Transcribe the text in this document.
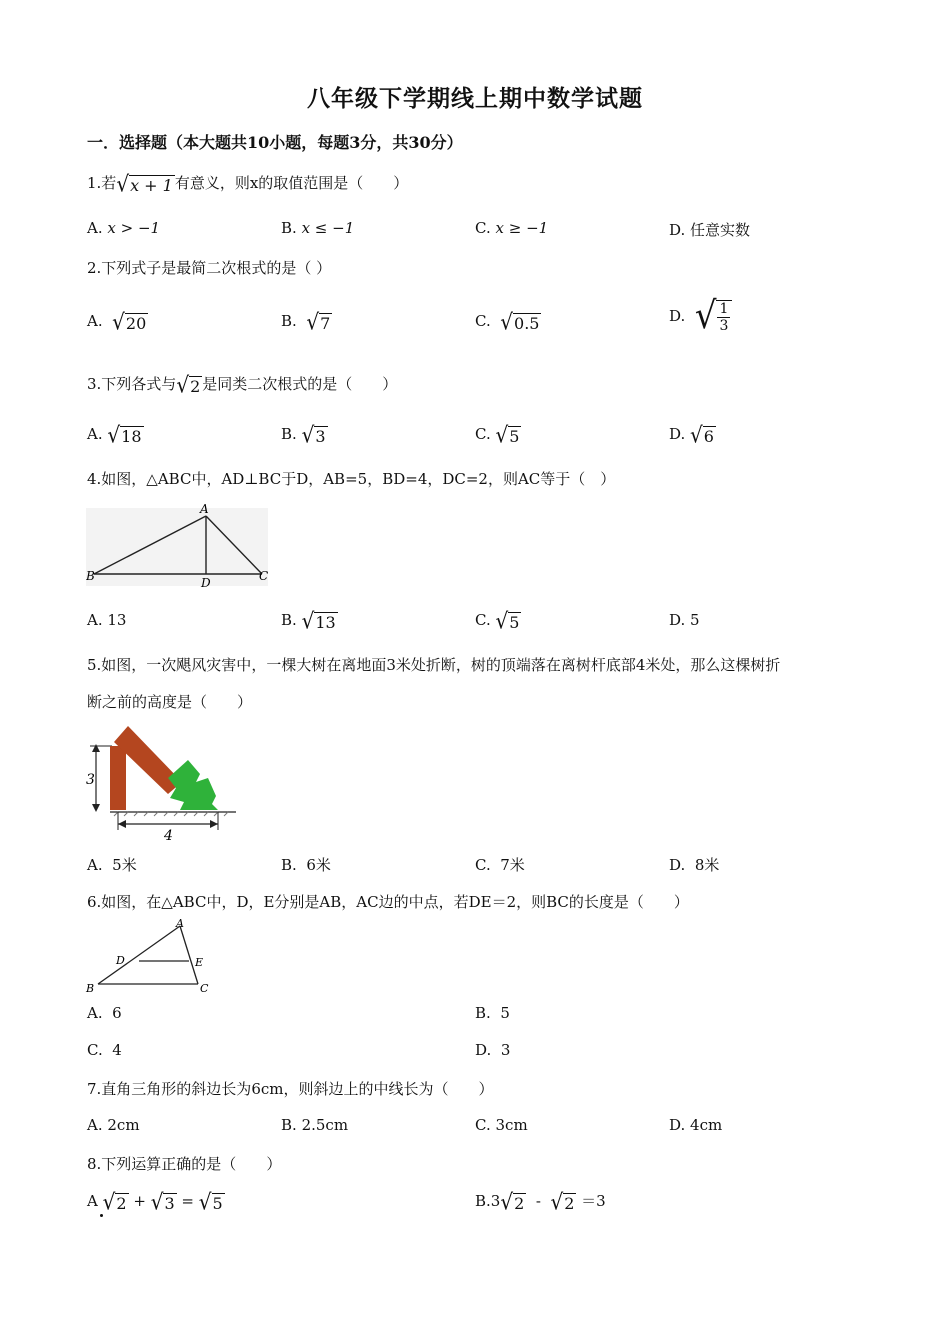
八年级下学期线上期中数学试题
一．选择题（本大题共10小题，每题3分，共30分）
1.若√x + 1 有意义，则x的取值范围是（　　）
A. x > −1	B. x ≤ −1	C. x ≥ −1	D. 任意实数
2.下列式子是最简二次根式的是（ ）
A. √20	B. √7	C. √0.5	D. √ $\frac{1}{3}$
3.下列各式与√2 是同类二次根式的是（　　）
A. √18	B. √3	C. √5	D. √6
4.如图，△ABC中，AD⊥BC于D，AB=5，BD=4，DC=2，则AC等于（　）
A
B	C
D
A. 13	B. √13	C. √5	D. 5
5.如图，一次飓风灾害中，一棵大树在离地面3米处折断，树的顶端落在离树杆底部4米处，那么这棵树折
断之前的高度是（　　）
3
4
A. 5米	B. 6米	C. 7米	D. 8米
6.如图，在△ABC中，D，E分别是AB，AC边的中点，若DE＝2，则BC的长度是（　　）
A
B	C
D	E
A. 6	B. 5
C. 4	D. 3
7.直角三角形的斜边长为6cm，则斜边上的中线长为（　　）
A. 2cm	B. 2.5cm	C. 3cm	D. 4cm
8.下列运算正确的是（　　）
A √2 + √3 = √5	B.3√2 - √2 ＝3
